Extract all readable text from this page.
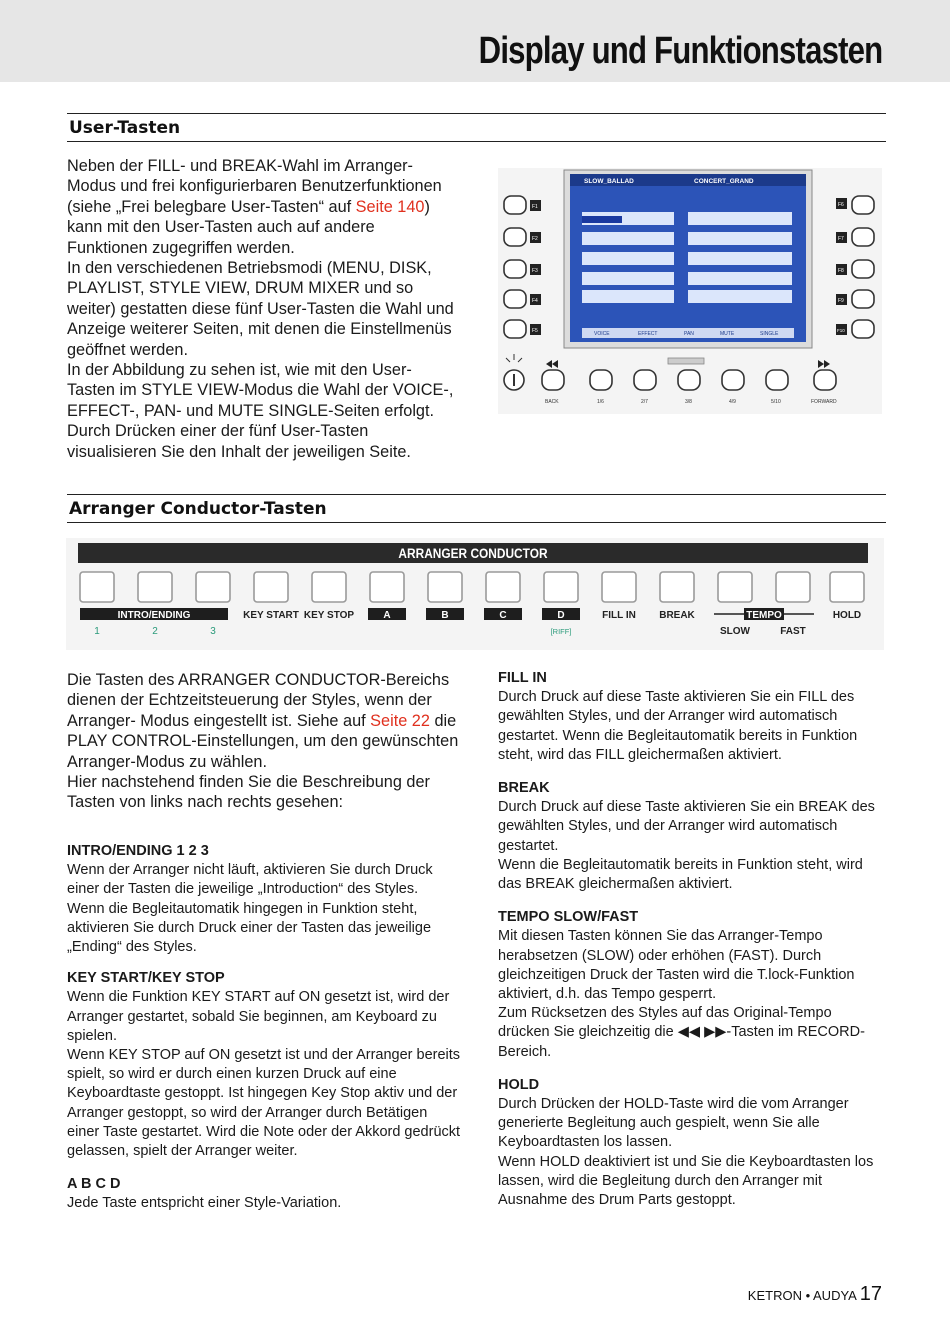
Display und Funktionstasten
User-Tasten

Neben der FILL- und BREAK-Wahl im Arranger-Modus und frei konfigurierbaren Benutzerfunktionen (siehe „Frei belegbare User-Tasten“ auf Seite 140) kann mit den User-Tasten auch auf andere Funktionen zugegriffen werden.

In den verschiedenen Betriebsmodi (MENU, DISK, PLAYLIST, STYLE VIEW, DRUM MIXER und so weiter) gestatten diese fünf User-Tasten die Wahl und Anzeige weiterer Seiten, mit denen die Einstellmenüs geöffnet werden.

In der Abbildung zu sehen ist, wie mit den User-Tasten im STYLE VIEW-Modus die Wahl der VOICE-, EFFECT-, PAN- und MUTE SINGLE-Seiten erfolgt. Durch Drücken einer der fünf User-Tasten visualisieren Sie den Inhalt der jeweiligen Seite.

SLOW_BALLAD	CONCERT_GRAND
VOICE	EFFECT	PAN	MUTE	SINGLE
F1
F2
F3
F4
F5
F6
F7
F8
F9
F10
BACK	1/6	2/7	3/8	4/9	5/10	FORWARD
Arranger Conductor-Tasten
ARRANGER CONDUCTOR
INTRO/ENDING	KEY START KEY STOP	A	B	C	D	FILL IN BREAK	TEMPO	HOLD
1	2	3	[RIFF]	SLOW	FAST

Die Tasten des ARRANGER CONDUCTOR-Bereichs dienen der Echtzeitsteuerung der Styles, wenn der Arranger- Modus eingestellt ist. Siehe auf Seite 22 die PLAY CONTROL-Einstellungen, um den gewünschten Arranger-Modus zu wählen.

Hier nachstehend finden Sie die Beschreibung der Tasten von links nach rechts gesehen:

INTRO/ENDING 1 2 3

Wenn der Arranger nicht läuft, aktivieren Sie durch Druck einer der Tasten die jeweilige „Introduction“ des Styles.

Wenn die Begleitautomatik hingegen in Funktion steht, aktivieren Sie durch Druck einer der Tasten das jeweilige „Ending“ des Styles.

KEY START/KEY STOP

Wenn die Funktion KEY START auf ON gesetzt ist, wird der Arranger gestartet, sobald Sie beginnen, am Keyboard zu spielen.

Wenn KEY STOP auf ON gesetzt ist und der Arranger bereits spielt, so wird er durch einen kurzen Druck auf eine Keyboardtaste gestoppt. Ist hingegen Key Stop aktiv und der Arranger gestoppt, so wird der Arranger durch Betätigen einer Taste gestartet. Wird die Note oder der Akkord gedrückt gelassen, spielt der Arranger weiter.

A B C D

Jede Taste entspricht einer Style-Variation.

FILL IN

Durch Druck auf diese Taste aktivieren Sie ein FILL des gewählten Styles, und der Arranger wird automatisch gestartet. Wenn die Begleitautomatik bereits in Funktion steht, wird das FILL gleichermaßen aktiviert.

BREAK

Durch Druck auf diese Taste aktivieren Sie ein BREAK des gewählten Styles, und der Arranger wird automatisch gestartet.

Wenn die Begleitautomatik bereits in Funktion steht, wird das BREAK gleichermaßen aktiviert.

TEMPO SLOW/FAST

Mit diesen Tasten können Sie das Arranger-Tempo herabsetzen (SLOW) oder erhöhen (FAST). Durch gleichzeitigen Druck der Tasten wird die T.lock-Funktion aktiviert, d.h. das Tempo gesperrt.

Zum Rücksetzen des Styles auf das Original-Tempo drücken Sie gleichzeitig die ◀◀ ▶▶-Tasten im RECORD-Bereich.

HOLD

Durch Drücken der HOLD-Taste wird die vom Arranger generierte Begleitung auch gespielt, wenn Sie alle Keyboardtasten los lassen.

Wenn HOLD deaktiviert ist und Sie die Keyboardtasten los lassen, wird die Begleitung durch den Arranger mit Ausnahme des Drum Parts gestoppt.

KETRON • AUDYA 17
